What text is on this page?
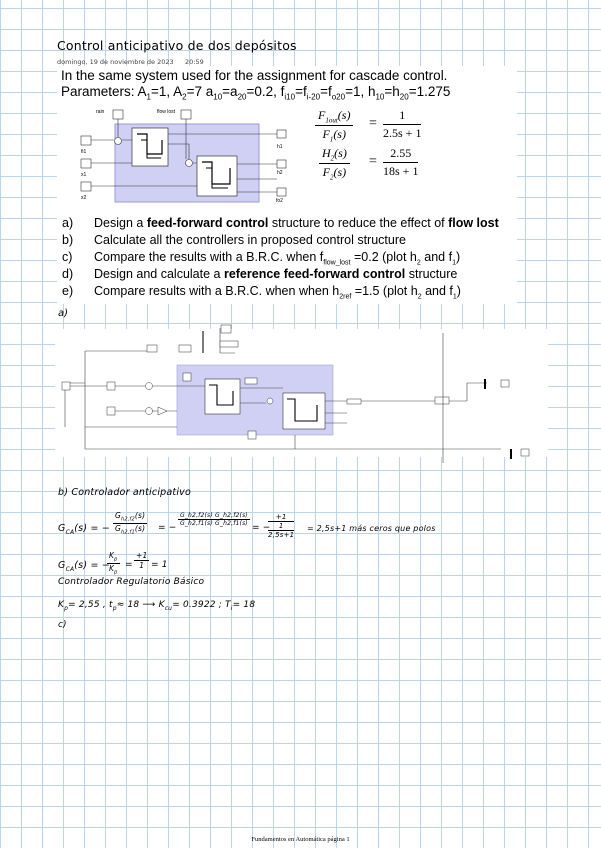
Control anticipativo de dos depósitos
domingo, 19 de noviembre de 2023 20:59
In the same system used for the assignment for cascade control.
Parameters: $A_1=1$, $A_2=7$ $a_{10}=a_{20}=0.2$, $f_{i10}=f_{i-20}=f_{o20}=1$, $h_{10}=h_{20}=1.275$
rain	flow lost
fi1
x1
x2
h1
h2
fo2
$F_{1out}(s)$
$F_1(s)$
= $\frac{1}{2.5s + 1}$
$\frac{H_2(s)}{F_2(s)} = \frac{2.55}{18s + 1}$
a) Design a feed-forward control structure to reduce the effect of flow lost
b) Calculate all the controllers in proposed control structure
c) Compare the results with a B.R.C. when $f_{flow\_lost} =0.2$ (plot $h_2$ and $f_1$)
d) Design and calculate a reference feed-forward control structure
e) Compare results with a B.R.C. when when $h_{2ref} =1.5$ (plot $h_2$ and $f_1$)
a)
b) Controlador anticipativo
$G_{CA}(s)$ = −
$G_{h2,f2}(s)$
$G_{h2,f1}(s)$ = −
G_h2,f2(s) G_h2,f2(s)
G_h2,f1(s) G_h2,f1(s) = −
+1
1
2,5s+1
= 2,5s+1 más ceros que polos
$G_{CA}(s)$ = −
$K_p$
$K_p$
=
+1
1 = 1
Controlador Regulatorio Básico
$K_p= 2,55$ , $t_p\approx 18$ ⟶ $K_{cu}= 0.3922$ ; $T_i= 18$
c)
Fundamentos en Automática página 1
